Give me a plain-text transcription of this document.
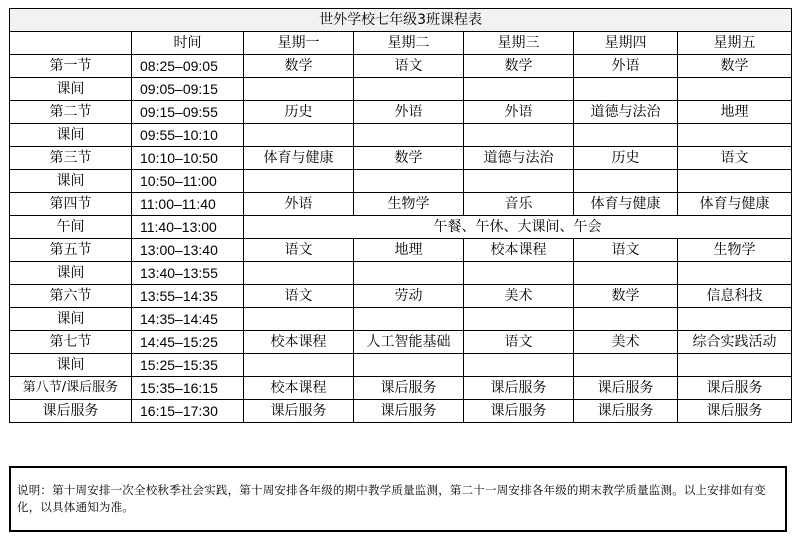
世外学校七年级3班课程表						
	时间	星期一	星期二	星期三	星期四	星期五
第一节	08:25–09:05	数学	语文	数学	外语	数学
课间	09:05–09:15					
第二节	09:15–09:55	历史	外语	外语	道德与法治	地理
课间	09:55–10:10					
第三节	10:10–10:50	体育与健康	数学	道德与法治	历史	语文
课间	10:50–11:00					
第四节	11:00–11:40	外语	生物学	音乐	体育与健康	体育与健康
午间	11:40–13:00	午餐、午休、大课间、午会				
第五节	13:00–13:40	语文	地理	校本课程	语文	生物学
课间	13:40–13:55					
第六节	13:55–14:35	语文	劳动	美术	数学	信息科技
课间	14:35–14:45					
第七节	14:45–15:25	校本课程	人工智能基础	语文	美术	综合实践活动
课间	15:25–15:35					
第八节/课后服务	15:35–16:15	校本课程	课后服务	课后服务	课后服务	课后服务
课后服务	16:15–17:30	课后服务	课后服务	课后服务	课后服务	课后服务
说明：第十周安排一次全校秋季社会实践，第十周安排各年级的期中教学质量监测，第二十一周安排各年级的期末教学质量监测。以上安排如有变化，以具体通知为准。
